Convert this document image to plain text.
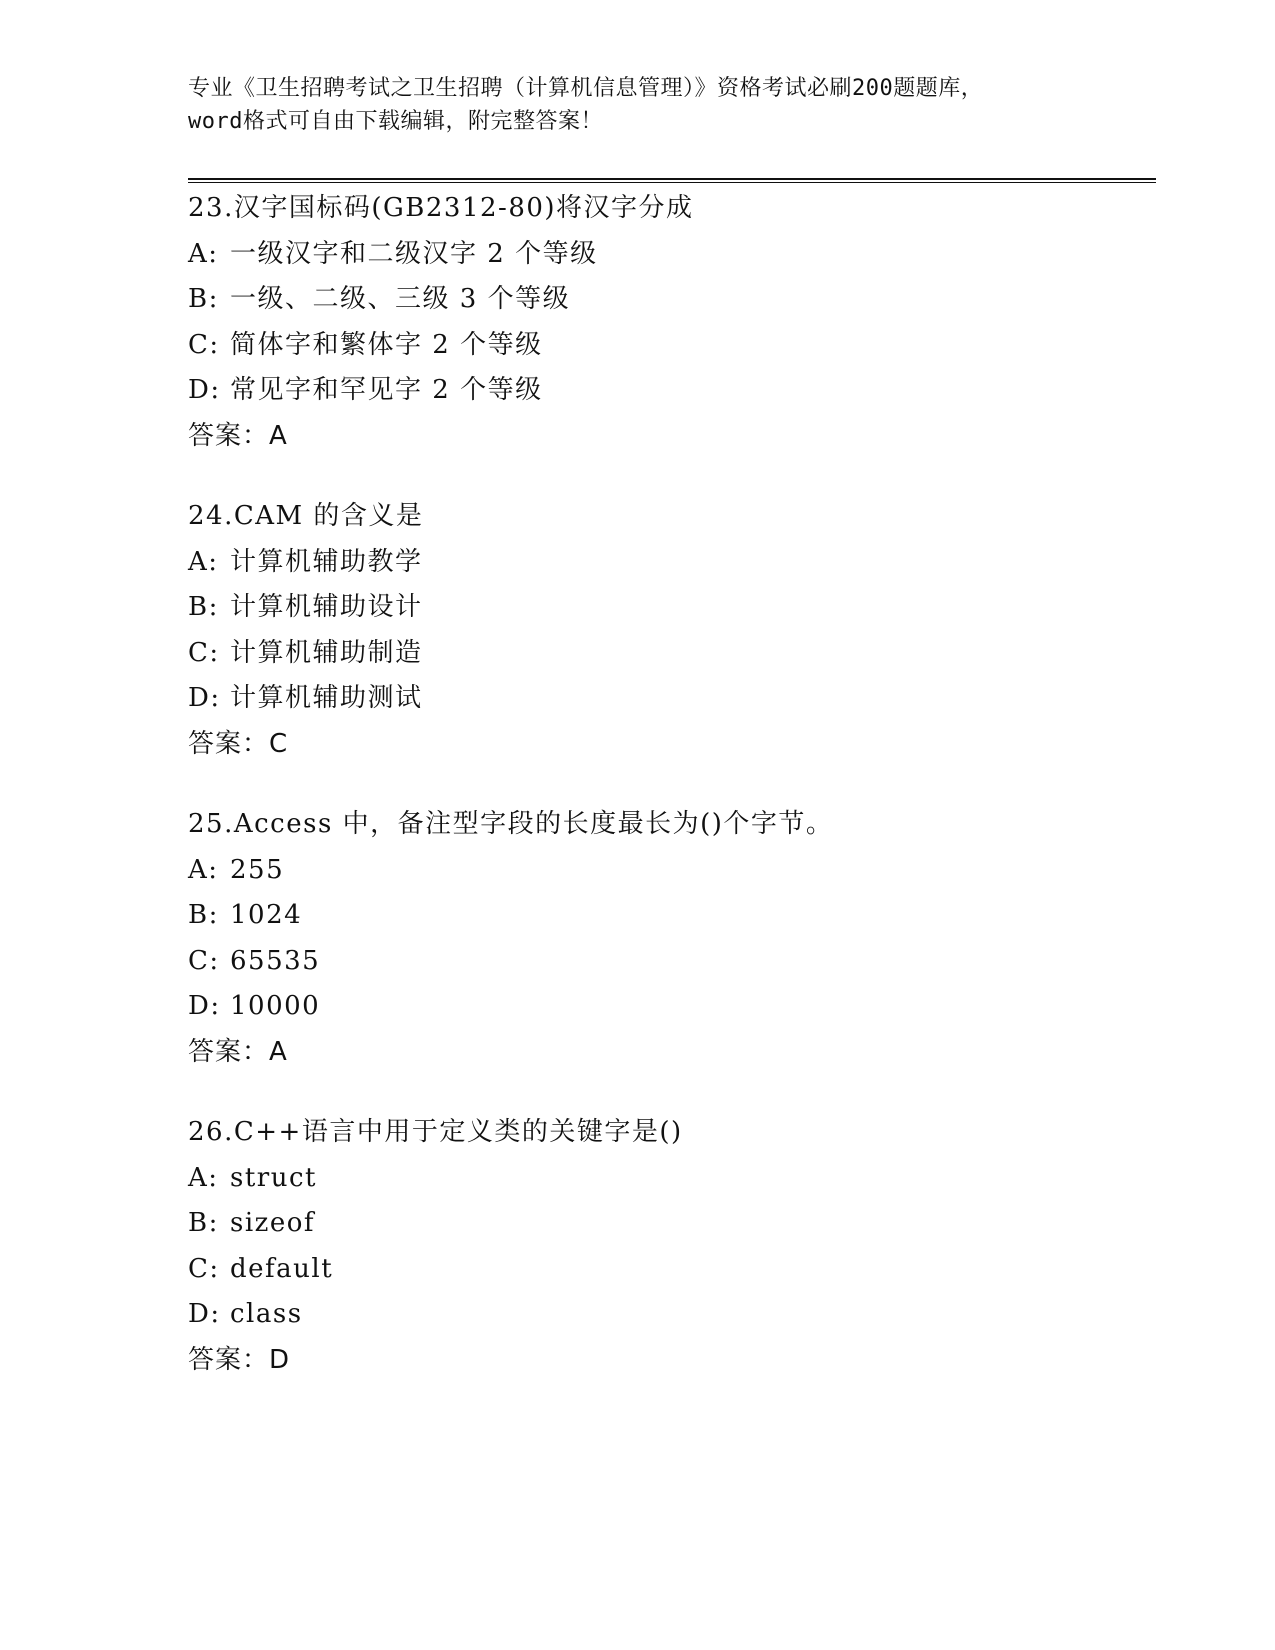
专业《卫生招聘考试之卫生招聘（计算机信息管理）》资格考试必刷200题题库，
word格式可自由下载编辑，附完整答案！
23.汉字国标码(GB2312-80)将汉字分成
A: 一级汉字和二级汉字 2 个等级
B: 一级、二级、三级 3 个等级
C: 简体字和繁体字 2 个等级
D: 常见字和罕见字 2 个等级
答案：A
24.CAM 的含义是
A: 计算机辅助教学
B: 计算机辅助设计
C: 计算机辅助制造
D: 计算机辅助测试
答案：C
25.Access 中，备注型字段的长度最长为()个字节。
A: 255
B: 1024
C: 65535
D: 10000
答案：A
26.C++语言中用于定义类的关键字是()
A: struct
B: sizeof
C: default
D: class
答案：D
